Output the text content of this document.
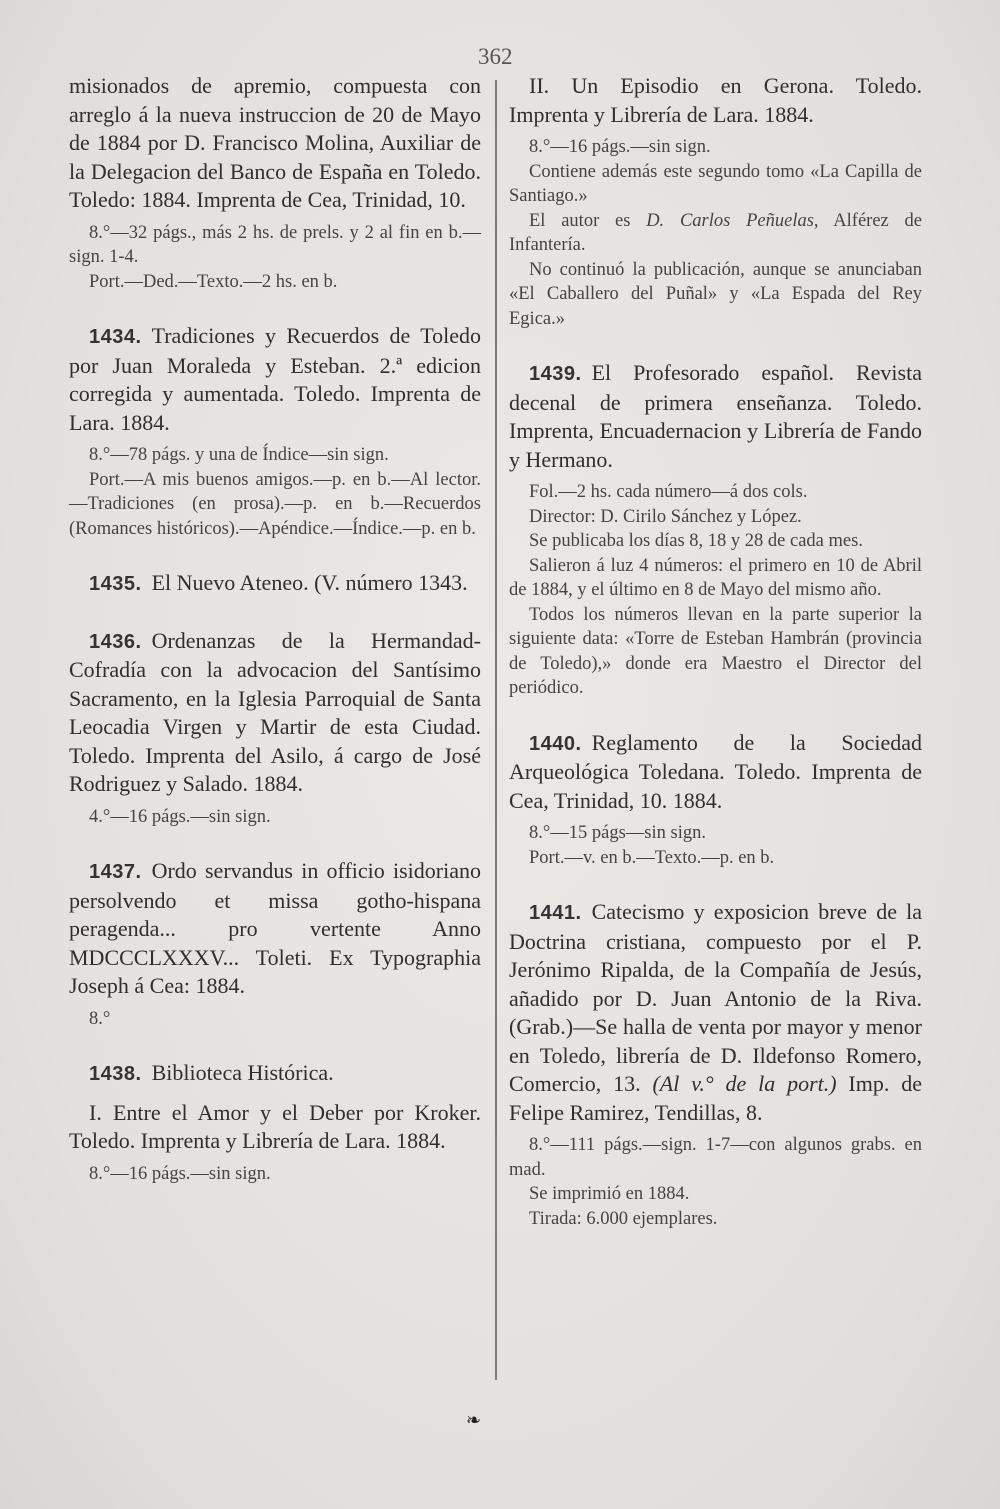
362

misionados de apremio, compuesta con arreglo á la nueva instruccion de 20 de Mayo de 1884 por D. Francisco Molina, Auxiliar de la Delegacion del Banco de España en Toledo. Toledo: 1884. Imprenta de Cea, Trinidad, 10.

8.°—32 págs., más 2 hs. de prels. y 2 al fin en b.—sign. 1-4.

Port.—Ded.—Texto.—2 hs. en b.

1434. Tradiciones y Recuerdos de Toledo por Juan Moraleda y Esteban. 2.ª edicion corregida y aumentada. Toledo. Imprenta de Lara. 1884.

8.°—78 págs. y una de Índice—sin sign.

Port.—A mis buenos amigos.—p. en b.—Al lector.—Tradiciones (en prosa).—p. en b.—Recuerdos (Romances históricos).—Apéndice.—Índice.—p. en b.

1435. El Nuevo Ateneo. (V. número 1343.

1436. Ordenanzas de la Hermandad-Cofradía con la advocacion del Santísimo Sacramento, en la Iglesia Parroquial de Santa Leocadia Virgen y Martir de esta Ciudad. Toledo. Imprenta del Asilo, á cargo de José Rodriguez y Salado. 1884.

4.°—16 págs.—sin sign.

1437. Ordo servandus in officio isidoriano persolvendo et missa gotho-hispana peragenda... pro vertente Anno MDCCCLXXXV... Toleti. Ex Typographia Joseph á Cea: 1884.

8.°

1438. Biblioteca Histórica.

I. Entre el Amor y el Deber por Kroker. Toledo. Imprenta y Librería de Lara. 1884.

8.°—16 págs.—sin sign.

II. Un Episodio en Gerona. Toledo. Imprenta y Librería de Lara. 1884.

8.°—16 págs.—sin sign.

Contiene además este segundo tomo «La Capilla de Santiago.»

El autor es D. Carlos Peñuelas, Alférez de Infantería.

No continuó la publicación, aunque se anunciaban «El Caballero del Puñal» y «La Espada del Rey Egica.»

1439. El Profesorado español. Revista decenal de primera enseñanza. Toledo. Imprenta, Encuadernacion y Librería de Fando y Hermano.

Fol.—2 hs. cada número—á dos cols.

Director: D. Cirilo Sánchez y López.

Se publicaba los días 8, 18 y 28 de cada mes.

Salieron á luz 4 números: el primero en 10 de Abril de 1884, y el último en 8 de Mayo del mismo año.

Todos los números llevan en la parte superior la siguiente data: «Torre de Esteban Hambrán (provincia de Toledo),» donde era Maestro el Director del periódico.

1440. Reglamento de la Sociedad Arqueológica Toledana. Toledo. Imprenta de Cea, Trinidad, 10. 1884.

8.°—15 págs—sin sign.

Port.—v. en b.—Texto.—p. en b.

1441. Catecismo y exposicion breve de la Doctrina cristiana, compuesto por el P. Jerónimo Ripalda, de la Compañía de Jesús, añadido por D. Juan Antonio de la Riva. (Grab.)—Se halla de venta por mayor y menor en Toledo, librería de D. Ildefonso Romero, Comercio, 13. (Al v.° de la port.) Imp. de Felipe Ramirez, Tendillas, 8.

8.°—111 págs.—sign. 1-7—con algunos grabs. en mad.

Se imprimió en 1884.

Tirada: 6.000 ejemplares.

❧
